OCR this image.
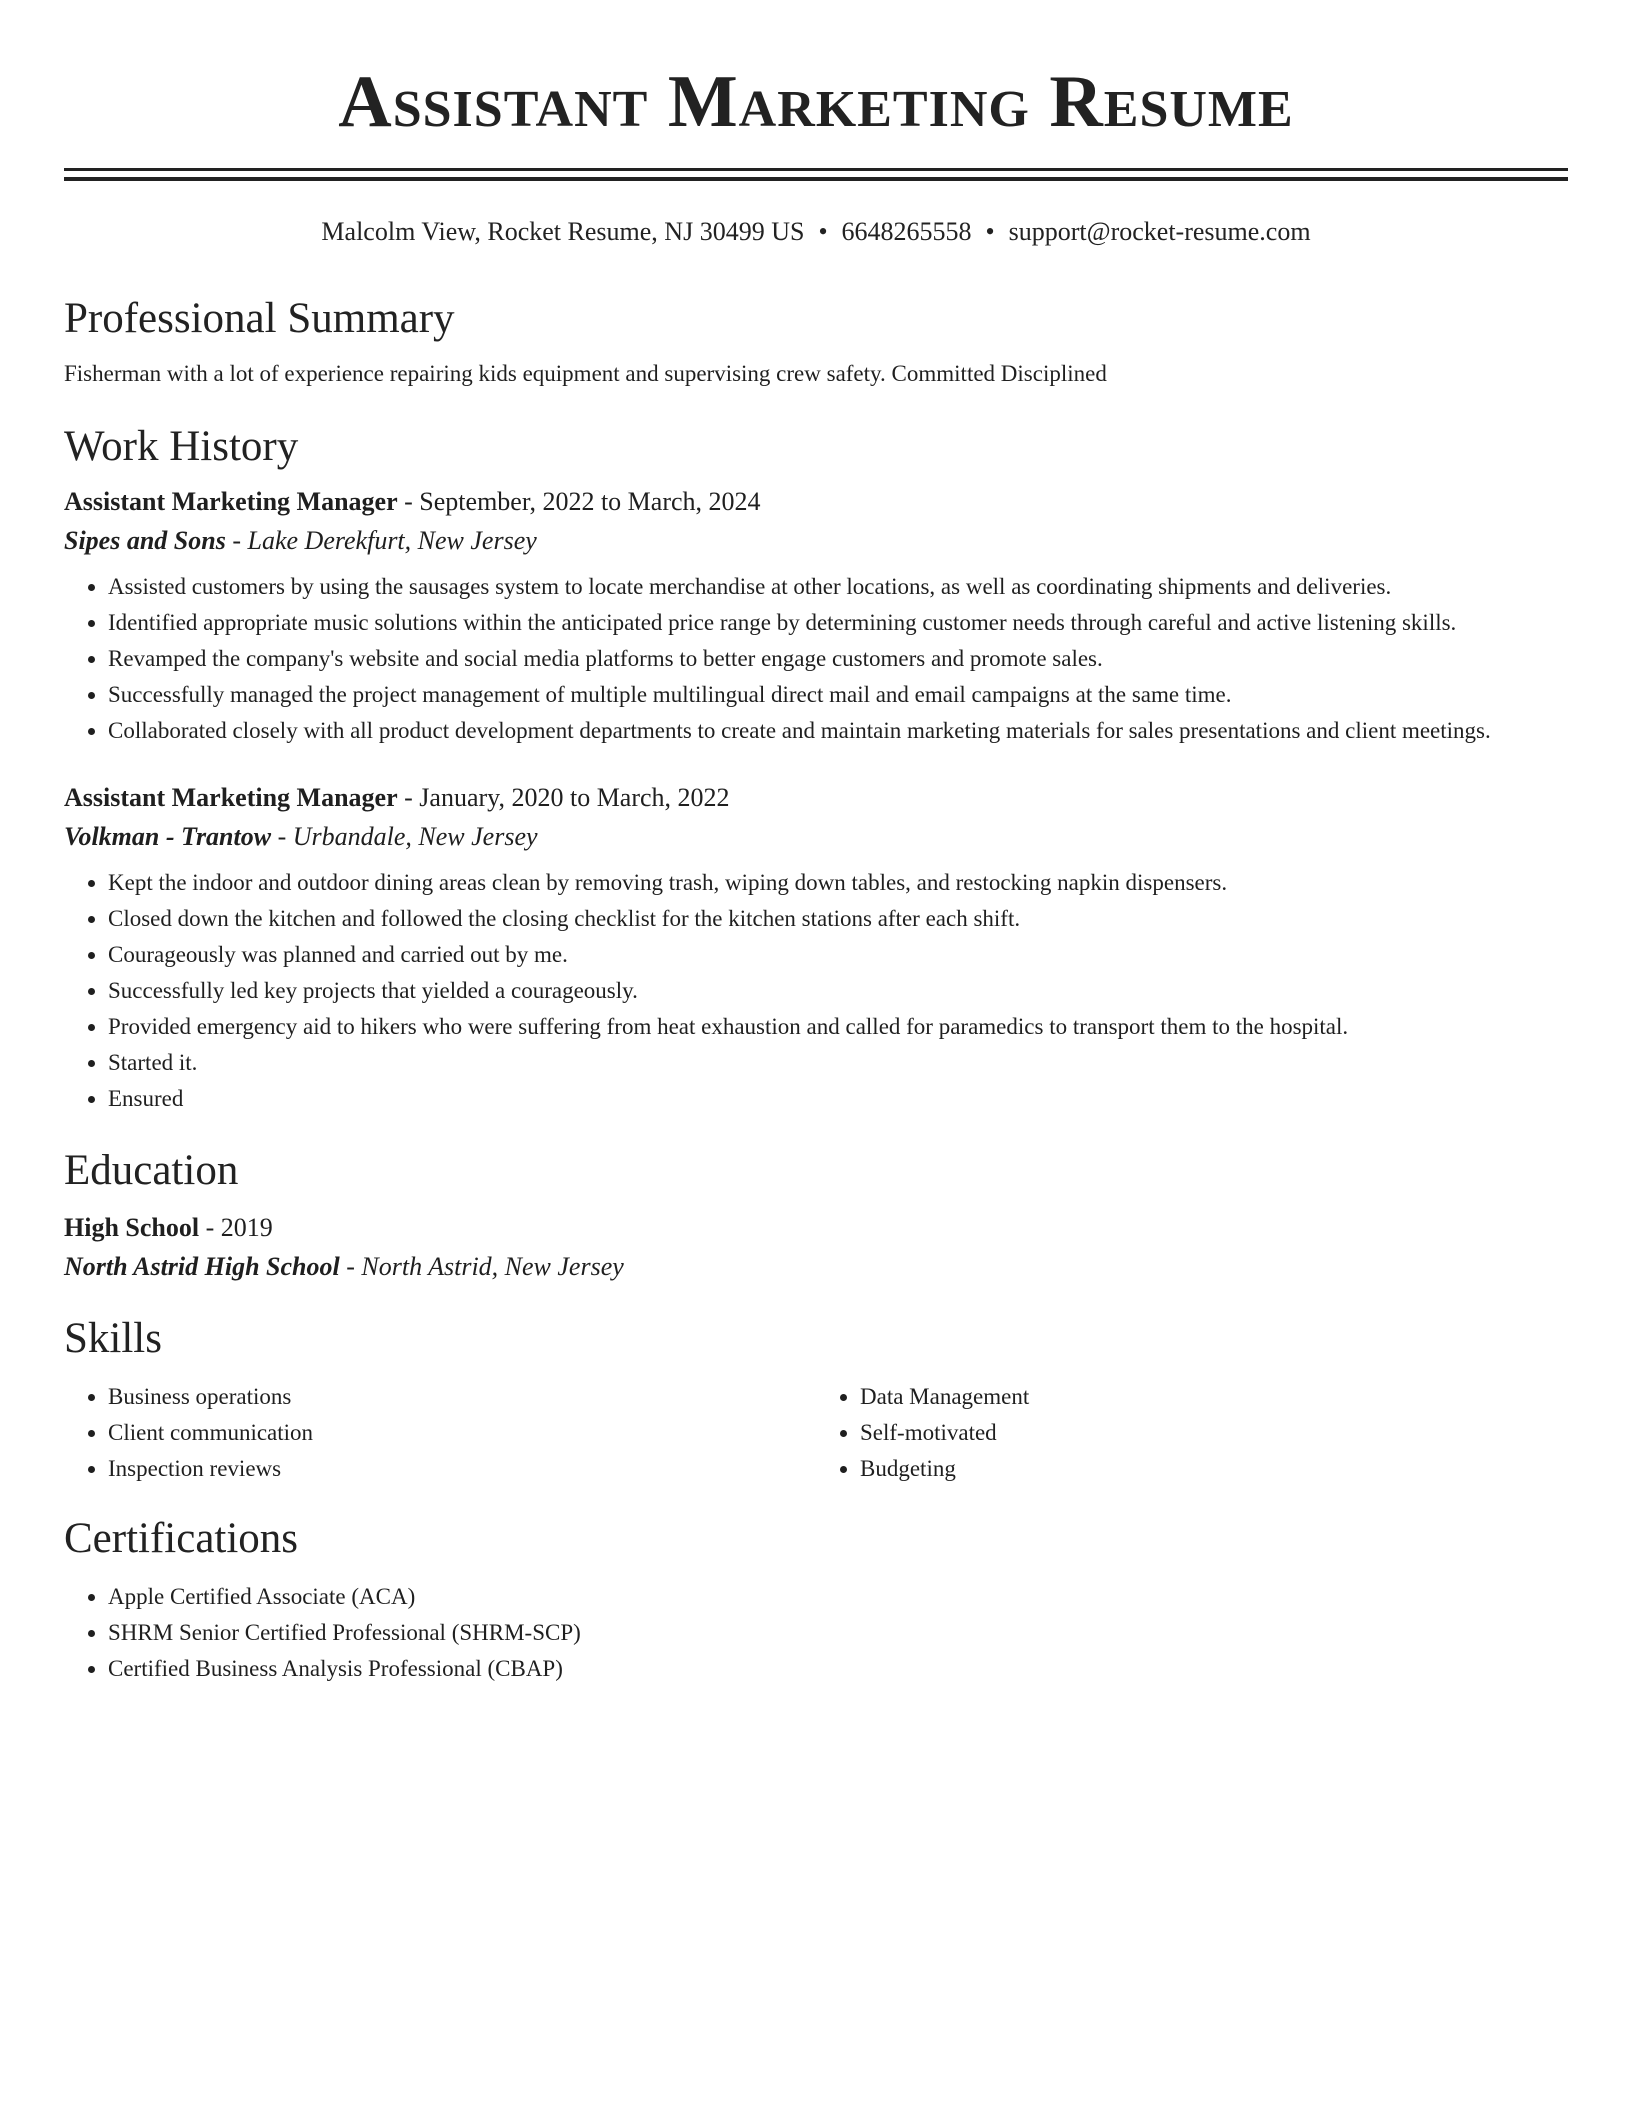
Assistant Marketing Resume
Malcolm View, Rocket Resume, NJ 30499 US • 6648265558 • support@rocket-resume.com
Professional Summary

Fisherman with a lot of experience repairing kids equipment and supervising crew safety. Committed Disciplined

Work History
Assistant Marketing Manager - September, 2022 to March, 2024
Sipes and Sons - Lake Derekfurt, New Jersey
• Assisted customers by using the sausages system to locate merchandise at other locations, as well as coordinating shipments and deliveries.
• Identified appropriate music solutions within the anticipated price range by determining customer needs through careful and active listening skills.
• Revamped the company's website and social media platforms to better engage customers and promote sales.
• Successfully managed the project management of multiple multilingual direct mail and email campaigns at the same time.
• Collaborated closely with all product development departments to create and maintain marketing materials for sales presentations and client meetings.
Assistant Marketing Manager - January, 2020 to March, 2022
Volkman - Trantow - Urbandale, New Jersey
• Kept the indoor and outdoor dining areas clean by removing trash, wiping down tables, and restocking napkin dispensers.
• Closed down the kitchen and followed the closing checklist for the kitchen stations after each shift.
• Courageously was planned and carried out by me.
• Successfully led key projects that yielded a courageously.
• Provided emergency aid to hikers who were suffering from heat exhaustion and called for paramedics to transport them to the hospital.
• Started it.
• Ensured
Education
High School - 2019
North Astrid High School - North Astrid, New Jersey
Skills
• Business operations
• Client communication
• Inspection reviews
• Data Management
• Self-motivated
• Budgeting
Certifications
• Apple Certified Associate (ACA)
• SHRM Senior Certified Professional (SHRM-SCP)
• Certified Business Analysis Professional (CBAP)
